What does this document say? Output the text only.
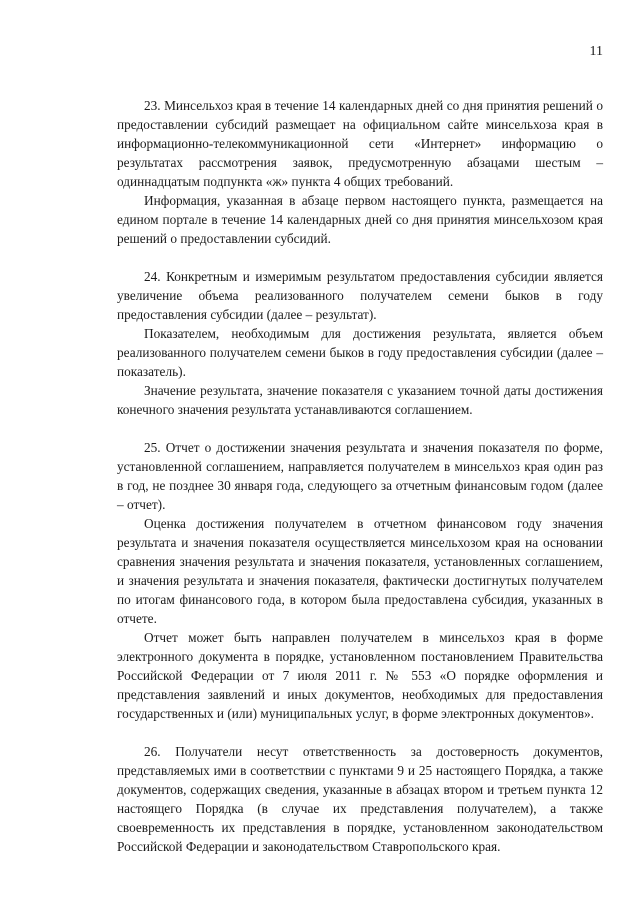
11

23. Минсельхоз края в течение 14 календарных дней со дня принятия решений о предоставлении субсидий размещает на официальном сайте минсельхоза края в информационно-телекоммуникационной сети «Интернет» информацию о результатах рассмотрения заявок, предусмотренную абзацами шестым – одиннадцатым подпункта «ж» пункта 4 общих требований.

Информация, указанная в абзаце первом настоящего пункта, размещается на едином портале в течение 14 календарных дней со дня принятия минсельхозом края решений о предоставлении субсидий.

24. Конкретным и измеримым результатом предоставления субсидии является увеличение объема реализованного получателем семени быков в году предоставления субсидии (далее – результат).

Показателем, необходимым для достижения результата, является объем реализованного получателем семени быков в году предоставления субсидии (далее – показатель).

Значение результата, значение показателя с указанием точной даты достижения конечного значения результата устанавливаются соглашением.

25. Отчет о достижении значения результата и значения показателя по форме, установленной соглашением, направляется получателем в минсельхоз края один раз в год, не позднее 30 января года, следующего за отчетным финансовым годом (далее – отчет).

Оценка достижения получателем в отчетном финансовом году значения результата и значения показателя осуществляется минсельхозом края на основании сравнения значения результата и значения показателя, установленных соглашением, и значения результата и значения показателя, фактически достигнутых получателем по итогам финансового года, в котором была предоставлена субсидия, указанных в отчете.

Отчет может быть направлен получателем в минсельхоз края в форме электронного документа в порядке, установленном постановлением Правительства Российской Федерации от 7 июля 2011 г. № 553 «О порядке оформления и представления заявлений и иных документов, необходимых для предоставления государственных и (или) муниципальных услуг, в форме электронных документов».

26. Получатели несут ответственность за достоверность документов, представляемых ими в соответствии с пунктами 9 и 25 настоящего Порядка, а также документов, содержащих сведения, указанные в абзацах втором и третьем пункта 12 настоящего Порядка (в случае их представления получателем), а также своевременность их представления в порядке, установленном законодательством Российской Федерации и законодательством Ставропольского края.
